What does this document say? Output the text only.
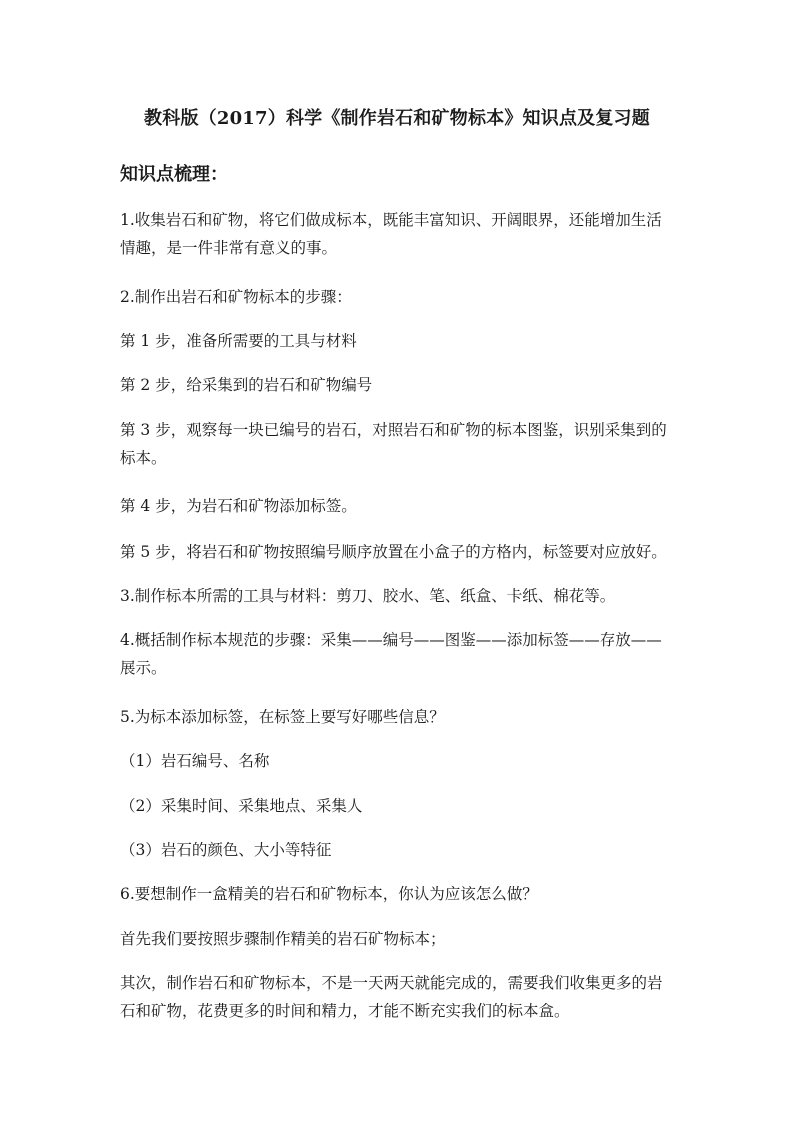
教科版（2017）科学《制作岩石和矿物标本》知识点及复习题
知识点梳理：

1.收集岩石和矿物，将它们做成标本，既能丰富知识、开阔眼界，还能增加生活情趣，是一件非常有意义的事。

2.制作出岩石和矿物标本的步骤：

第 1 步，准备所需要的工具与材料

第 2 步，给采集到的岩石和矿物编号

第 3 步，观察每一块已编号的岩石，对照岩石和矿物的标本图鉴，识别采集到的标本。

第 4 步，为岩石和矿物添加标签。

第 5 步，将岩石和矿物按照编号顺序放置在小盒子的方格内，标签要对应放好。

3.制作标本所需的工具与材料：剪刀、胶水、笔、纸盒、卡纸、棉花等。

4.概括制作标本规范的步骤：采集——编号——图鉴——添加标签——存放——展示。

5.为标本添加标签，在标签上要写好哪些信息？

（1）岩石编号、名称

（2）采集时间、采集地点、采集人

（3）岩石的颜色、大小等特征

6.要想制作一盒精美的岩石和矿物标本，你认为应该怎么做？

首先我们要按照步骤制作精美的岩石矿物标本；

其次，制作岩石和矿物标本，不是一天两天就能完成的，需要我们收集更多的岩石和矿物，花费更多的时间和精力，才能不断充实我们的标本盒。
